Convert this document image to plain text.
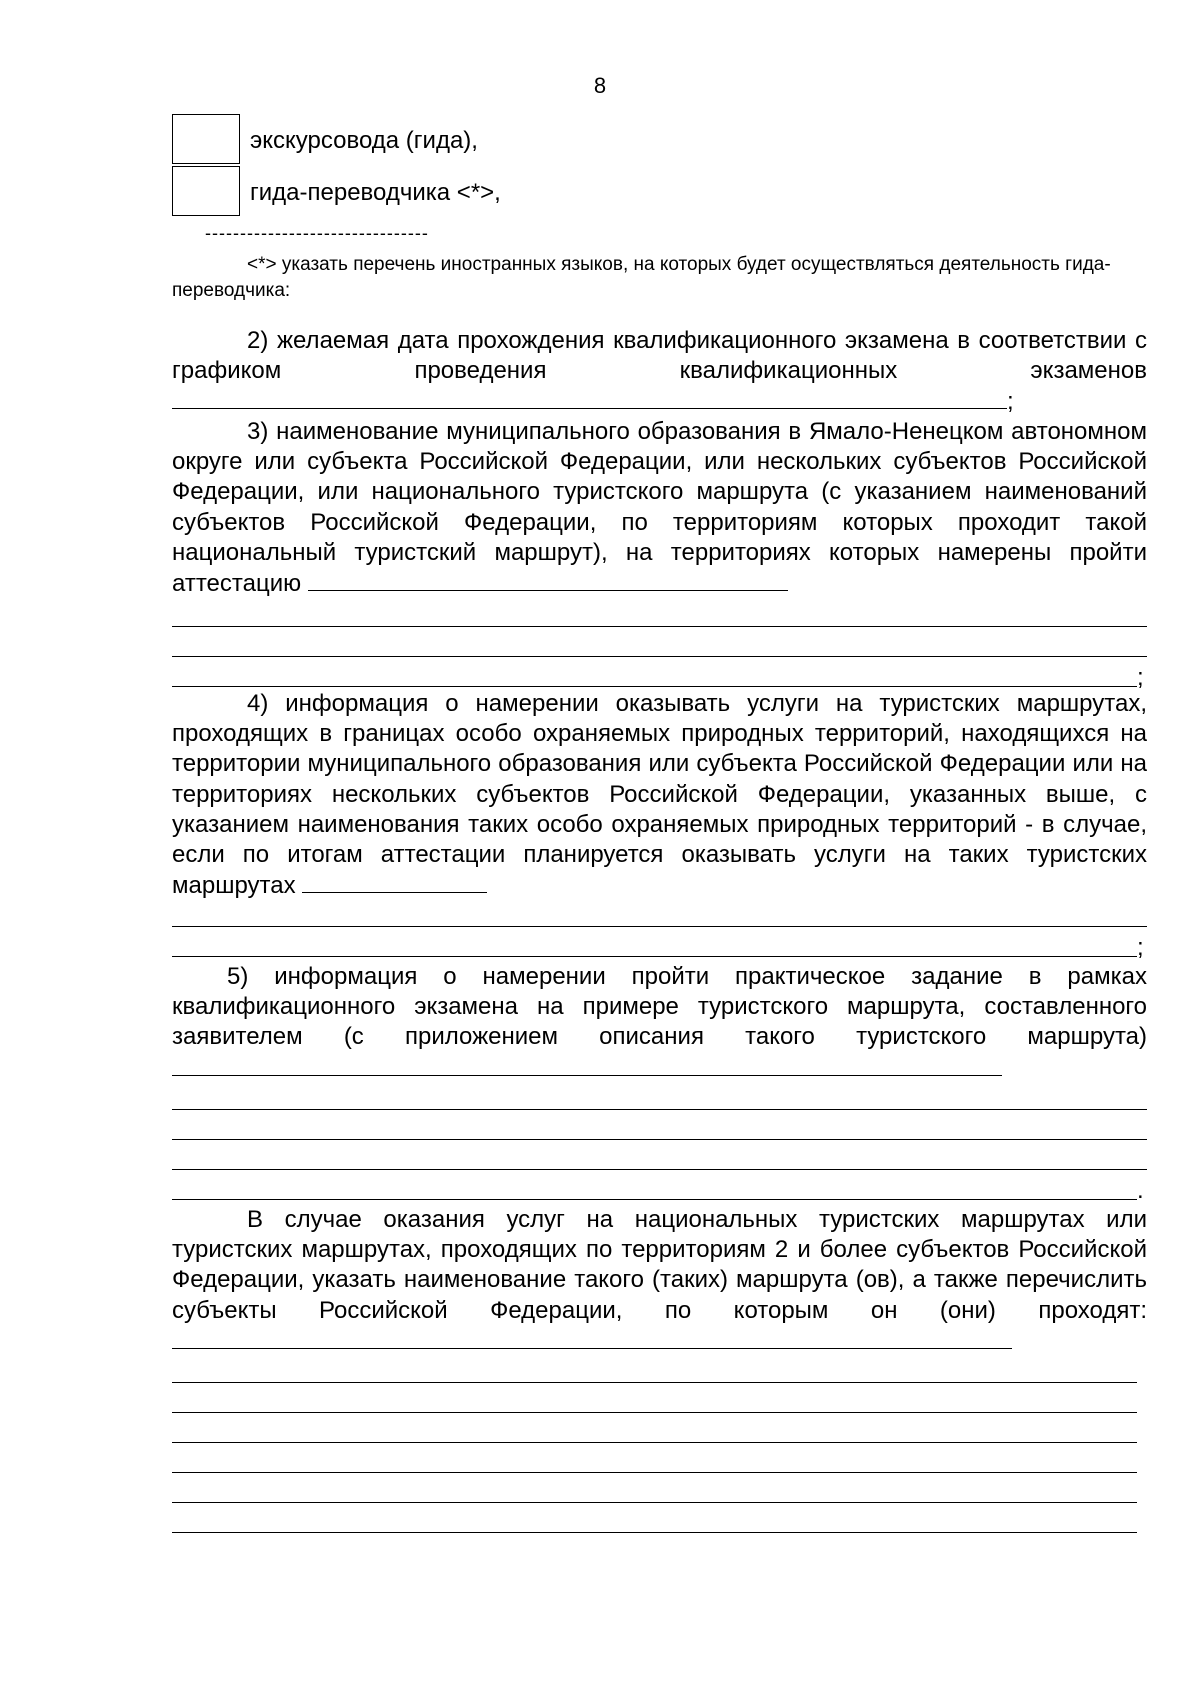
8
экскурсовода (гида),
гида-переводчика <*>,
--------------------------------
<*> указать перечень иностранных языков, на которых будет осуществляться деятельность гида-переводчика:

2) желаемая дата прохождения квалификационного экзамена в соответствии с графиком проведения квалификационных экзаменов;

3) наименование муниципального образования в Ямало-Ненецком автономном округе или субъекта Российской Федерации, или нескольких субъектов Российской Федерации, или национального туристского маршрута (с указанием наименований субъектов Российской Федерации, по территориям которых проходит такой национальный туристский маршрут), на территориях которых намерены пройти аттестацию

;

4) информация о намерении оказывать услуги на туристских маршрутах, проходящих в границах особо охраняемых природных территорий, находящихся на территории муниципального образования или субъекта Российской Федерации или на территориях нескольких субъектов Российской Федерации, указанных выше, с указанием наименования таких особо охраняемых природных территорий - в случае, если по итогам аттестации планируется оказывать услуги на таких туристских маршрутах

;

5) информация о намерении пройти практическое задание в рамках квалификационного экзамена на примере туристского маршрута, составленного заявителем (с приложением описания такого туристского маршрута)

.

В случае оказания услуг на национальных туристских маршрутах или туристских маршрутах, проходящих по территориям 2 и более субъектов Российской Федерации, указать наименование такого (таких) маршрута (ов), а также перечислить субъекты Российской Федерации, по которым он (они) проходят:
